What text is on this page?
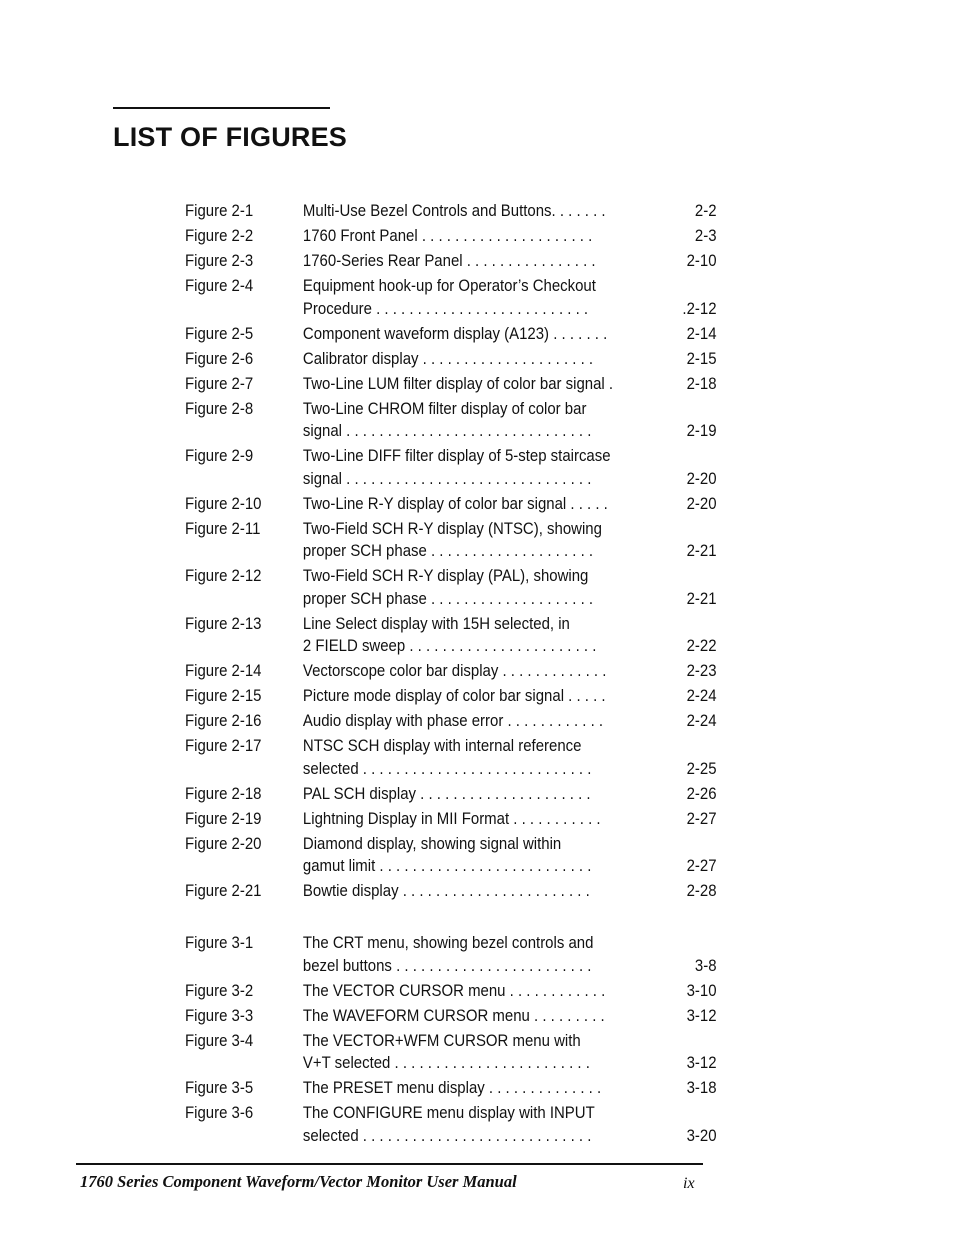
LIST OF FIGURES
Figure 2-1	Multi-Use Bezel Controls and Buttons. . . . . . .	2-2
Figure 2-2	1760 Front Panel . . . . . . . . . . . . . . . . . . . . .	2-3
Figure 2-3	1760-Series Rear Panel . . . . . . . . . . . . . . . .	2-10
Figure 2-4	Equipment hook-up for Operator’s Checkout
Procedure . . . . . . . . . . . . . . . . . . . . . . . . . .	.2-12
Figure 2-5	Component waveform display (A123) . . . . . . .	2-14
Figure 2-6	Calibrator display . . . . . . . . . . . . . . . . . . . . .	2-15
Figure 2-7	Two-Line LUM filter display of color bar signal .	2-18
Figure 2-8	Two-Line CHROM filter display of color bar
signal . . . . . . . . . . . . . . . . . . . . . . . . . . . . . .	2-19
Figure 2-9	Two-Line DIFF filter display of 5-step staircase
signal . . . . . . . . . . . . . . . . . . . . . . . . . . . . . .	2-20
Figure 2-10	Two-Line R-Y display of color bar signal . . . . .	2-20
Figure 2-11	Two-Field SCH R-Y display (NTSC), showing
proper SCH phase . . . . . . . . . . . . . . . . . . . .	2-21
Figure 2-12	Two-Field SCH R-Y display (PAL), showing
proper SCH phase . . . . . . . . . . . . . . . . . . . .	2-21
Figure 2-13	Line Select display with 15H selected, in
2 FIELD sweep . . . . . . . . . . . . . . . . . . . . . . .	2-22
Figure 2-14	Vectorscope color bar display . . . . . . . . . . . . .	2-23
Figure 2-15	Picture mode display of color bar signal . . . . .	2-24
Figure 2-16	Audio display with phase error . . . . . . . . . . . .	2-24
Figure 2-17	NTSC SCH display with internal reference
selected . . . . . . . . . . . . . . . . . . . . . . . . . . . .	2-25
Figure 2-18	PAL SCH display . . . . . . . . . . . . . . . . . . . . .	2-26
Figure 2-19	Lightning Display in MII Format . . . . . . . . . . .	2-27
Figure 2-20	Diamond display, showing signal within
gamut limit . . . . . . . . . . . . . . . . . . . . . . . . . .	2-27
Figure 2-21	Bowtie display . . . . . . . . . . . . . . . . . . . . . . .	2-28
Figure 3-1	The CRT menu, showing bezel controls and
bezel buttons . . . . . . . . . . . . . . . . . . . . . . . .	3-8
Figure 3-2	The VECTOR CURSOR menu . . . . . . . . . . . .	3-10
Figure 3-3	The WAVEFORM CURSOR menu . . . . . . . . .	3-12
Figure 3-4	The VECTOR+WFM CURSOR menu with
V+T selected . . . . . . . . . . . . . . . . . . . . . . . .	3-12
Figure 3-5	The PRESET menu display . . . . . . . . . . . . . .	3-18
Figure 3-6	The CONFIGURE menu display with INPUT
selected . . . . . . . . . . . . . . . . . . . . . . . . . . . .	3-20
1760 Series Component Waveform/Vector Monitor User Manual	ix
